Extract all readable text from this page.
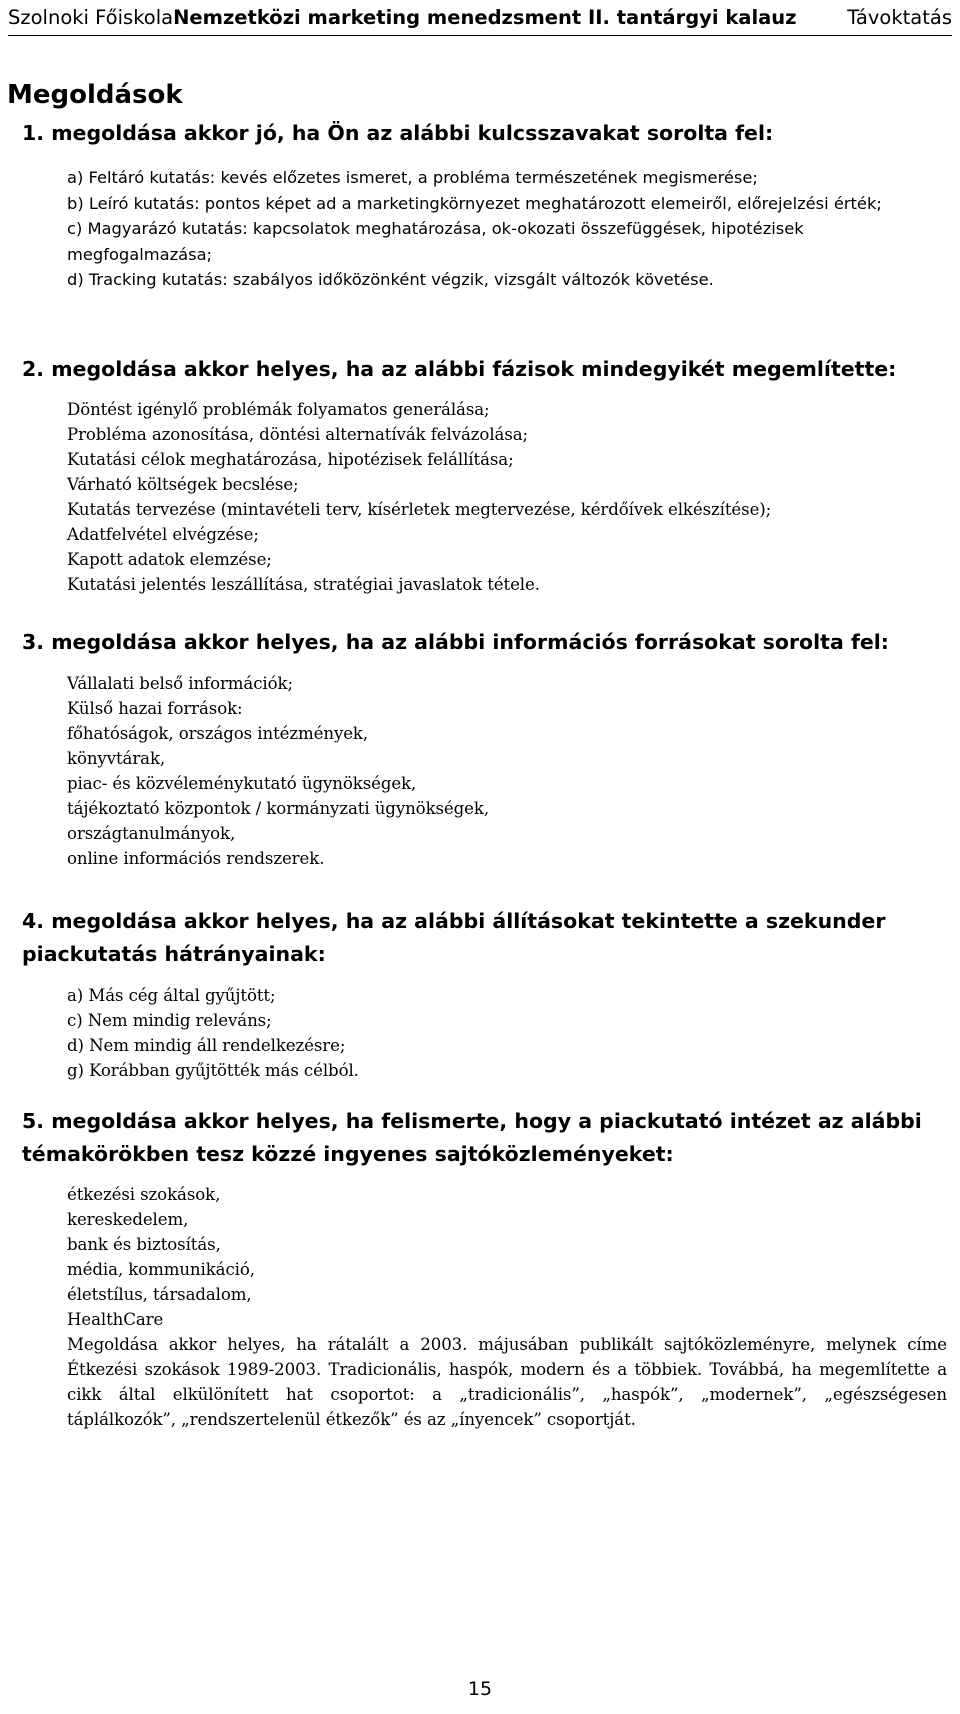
Szolnoki FőiskolaNemzetközi marketing menedzsment II. tantárgyi kalauz	Távoktatás
Megoldások
1. megoldása akkor jó, ha Ön az alábbi kulcsszavakat sorolta fel:
a) Feltáró kutatás: kevés előzetes ismeret, a probléma természetének megismerése;
b) Leíró kutatás: pontos képet ad a marketingkörnyezet meghatározott elemeiről, előrejelzési érték;
c) Magyarázó kutatás: kapcsolatok meghatározása, ok-okozati összefüggések, hipotézisek megfogalmazása;
d) Tracking kutatás: szabályos időközönként végzik, vizsgált változók követése.
2. megoldása akkor helyes, ha az alábbi fázisok mindegyikét megemlítette:
Döntést igénylő problémák folyamatos generálása;
Probléma azonosítása, döntési alternatívák felvázolása;
Kutatási célok meghatározása, hipotézisek felállítása;
Várható költségek becslése;
Kutatás tervezése (mintavételi terv, kísérletek megtervezése, kérdőívek elkészítése);
Adatfelvétel elvégzése;
Kapott adatok elemzése;
Kutatási jelentés leszállítása, stratégiai javaslatok tétele.
3. megoldása akkor helyes, ha az alábbi információs forrásokat sorolta fel:
Vállalati belső információk;
Külső hazai források:
főhatóságok, országos intézmények,
könyvtárak,
piac- és közvéleménykutató ügynökségek,
tájékoztató központok / kormányzati ügynökségek,
országtanulmányok,
online információs rendszerek.
4. megoldása akkor helyes, ha az alábbi állításokat tekintette a szekunder piackutatás hátrányainak:
a) Más cég által gyűjtött;
c) Nem mindig releváns;
d) Nem mindig áll rendelkezésre;
g) Korábban gyűjtötték más célból.
5. megoldása akkor helyes, ha felismerte, hogy a piackutató intézet az alábbi témakörökben tesz közzé ingyenes sajtóközleményeket:
étkezési szokások,
kereskedelem,
bank és biztosítás,
média, kommunikáció,
életstílus, társadalom,
HealthCare
Megoldása akkor helyes, ha rátalált a 2003. májusában publikált sajtóközleményre, melynek címe Étkezési szokások 1989-2003. Tradicionális, haspók, modern és a többiek. Továbbá, ha megemlítette a cikk által elkülönített hat csoportot: a „tradicionális”, „haspók”, „modernek”, „egészségesen táplálkozók”, „rendszertelenül étkezők” és az „ínyencek” csoportját.
15
